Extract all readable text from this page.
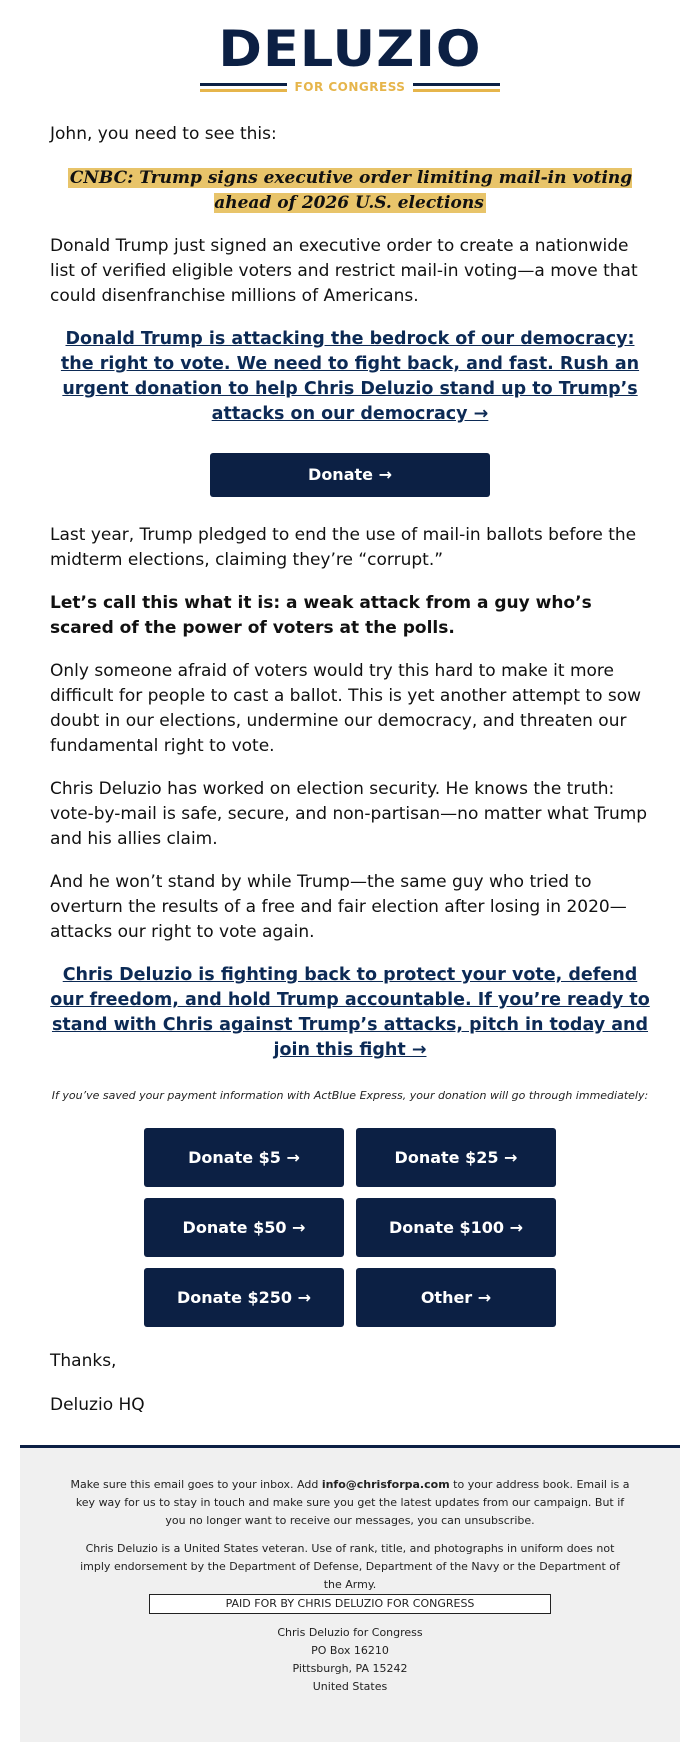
DELUZIO
FOR CONGRESS

John, you need to see this:

CNBC: Trump signs executive order limiting mail-in voting ahead of 2026 U.S. elections

Donald Trump just signed an executive order to create a nationwide list of verified eligible voters and restrict mail-in voting—a move that could disenfranchise millions of Americans.

Donald Trump is attacking the bedrock of our democracy: the right to vote. We need to fight back, and fast. Rush an urgent donation to help Chris Deluzio stand up to Trump’s attacks on our democracy →
Donate →

Last year, Trump pledged to end the use of mail-in ballots before the midterm elections, claiming they’re “corrupt.”

Let’s call this what it is: a weak attack from a guy who’s scared of the power of voters at the polls.

Only someone afraid of voters would try this hard to make it more difficult for people to cast a ballot. This is yet another attempt to sow doubt in our elections, undermine our democracy, and threaten our fundamental right to vote.

Chris Deluzio has worked on election security. He knows the truth: vote-by-mail is safe, secure, and non-partisan—no matter what Trump and his allies claim.

And he won’t stand by while Trump—the same guy who tried to overturn the results of a free and fair election after losing in 2020—attacks our right to vote again.

Chris Deluzio is fighting back to protect your vote, defend our freedom, and hold Trump accountable. If you’re ready to stand with Chris against Trump’s attacks, pitch in today and join this fight →

If you’ve saved your payment information with ActBlue Express, your donation will go through immediately:

Donate $5 →	Donate $25 →
Donate $50 →	Donate $100 →
Donate $250 →	Other →

Thanks,

Deluzio HQ

Make sure this email goes to your inbox. Add info@chrisforpa.com to your address book. Email is a key way for us to stay in touch and make sure you get the latest updates from our campaign. But if you no longer want to receive our messages, you can unsubscribe.

Chris Deluzio is a United States veteran. Use of rank, title, and photographs in uniform does not imply endorsement by the Department of Defense, Department of the Navy or the Department of the Army.

PAID FOR BY CHRIS DELUZIO FOR CONGRESS
Chris Deluzio for Congress
PO Box 16210
Pittsburgh, PA 15242
United States
